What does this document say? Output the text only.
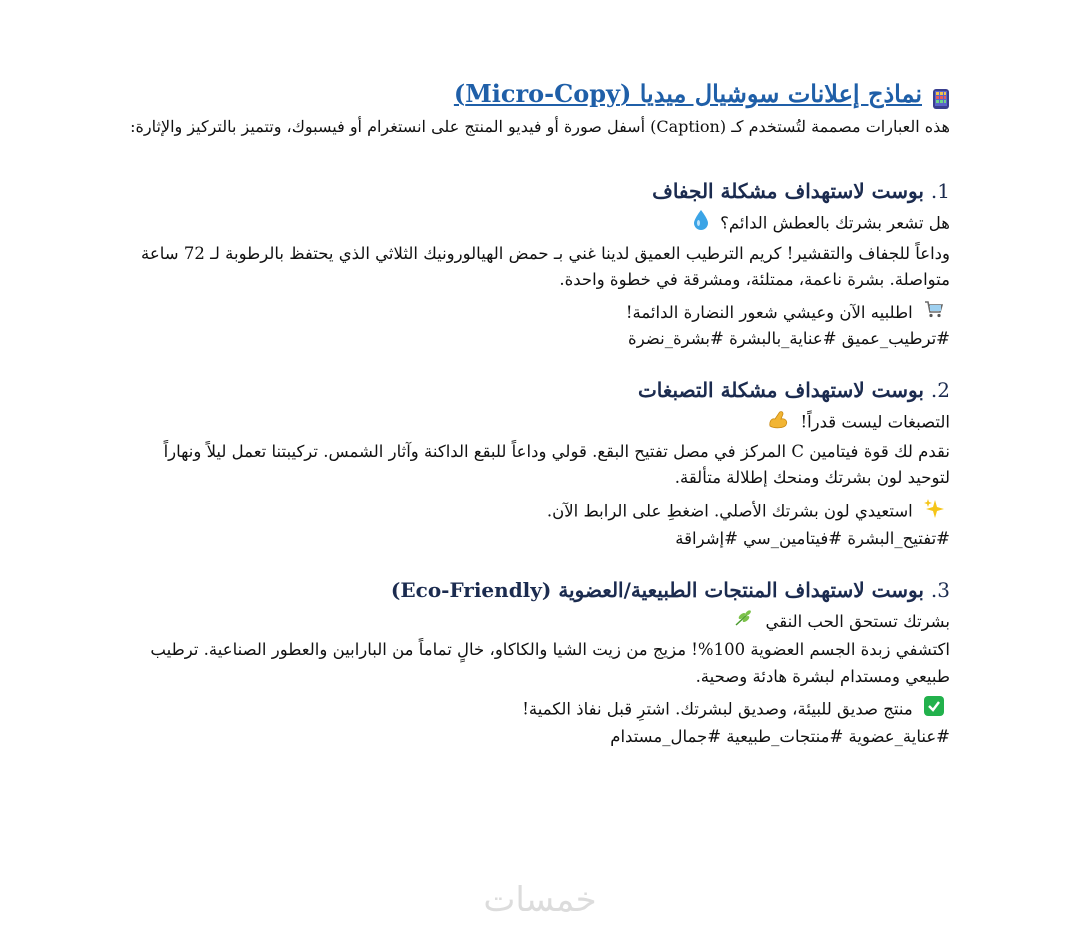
نماذج إعلانات سوشيال ميديا (Micro-Copy)

هذه العبارات مصممة لتُستخدم كـ (Caption) أسفل صورة أو فيديو المنتج على انستغرام أو فيسبوك، وتتميز بالتركيز والإثارة:

1. بوست لاستهداف مشكلة الجفاف

هل تشعر بشرتك بالعطش الدائم؟

وداعاً للجفاف والتقشير! كريم الترطيب العميق لدينا غني بـ حمض الهيالورونيك الثلاثي الذي يحتفظ بالرطوبة لـ 72 ساعة متواصلة. بشرة ناعمة، ممتلئة، ومشرقة في خطوة واحدة.

اطلبيه الآن وعيشي شعور النضارة الدائمة!

#ترطيب_عميق #عناية_بالبشرة #بشرة_نضرة

2. بوست لاستهداف مشكلة التصبغات

التصبغات ليست قدراً!

نقدم لك قوة فيتامين C المركز في مصل تفتيح البقع. قولي وداعاً للبقع الداكنة وآثار الشمس. تركيبتنا تعمل ليلاً ونهاراً لتوحيد لون بشرتك ومنحك إطلالة متألقة.

استعيدي لون بشرتك الأصلي. اضغطِ على الرابط الآن.

#تفتيح_البشرة #فيتامين_سي #إشراقة

3. بوست لاستهداف المنتجات الطبيعية/العضوية (Eco-Friendly)

بشرتك تستحق الحب النقي

اكتشفي زبدة الجسم العضوية 100%! مزيج من زيت الشيا والكاكاو، خالٍ تماماً من البارابين والعطور الصناعية. ترطيب طبيعي ومستدام لبشرة هادئة وصحية.

منتج صديق للبيئة، وصديق لبشرتك. اشترِ قبل نفاذ الكمية!

#عناية_عضوية #منتجات_طبيعية #جمال_مستدام

خمسات
